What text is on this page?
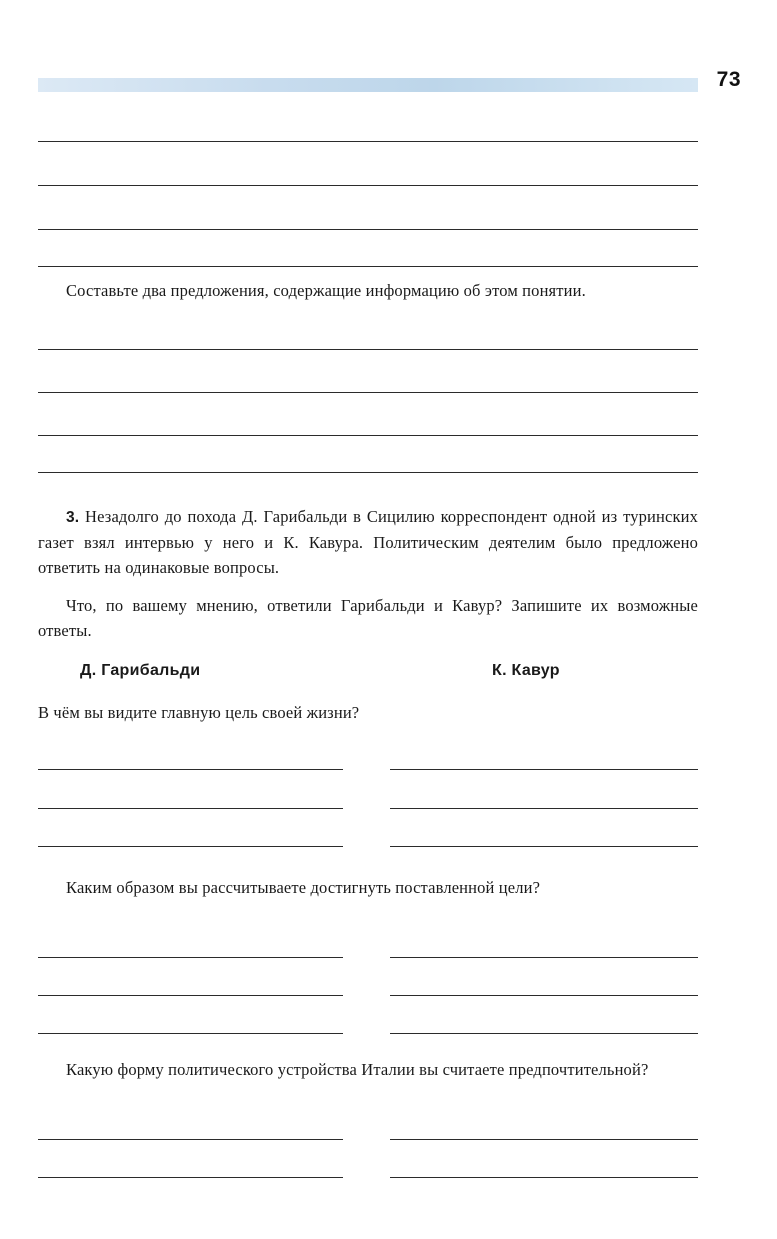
73
Составьте два предложения, содержащие информацию об этом понятии.
3. Незадолго до похода Д. Гарибальди в Сицилию корреспондент одной из туринских газет взял интервью у него и К. Кавура. Политическим деятелим было предложено ответить на одинаковые вопросы.
Что, по вашему мнению, ответили Гарибальди и Кавур? Запишите их возможные ответы.
Д. Гарибальди	К. Кавур
В чём вы видите главную цель своей жизни?
Каким образом вы рассчитываете достигнуть поставленной цели?
Какую форму политического устройства Италии вы считаете предпочтительной?
